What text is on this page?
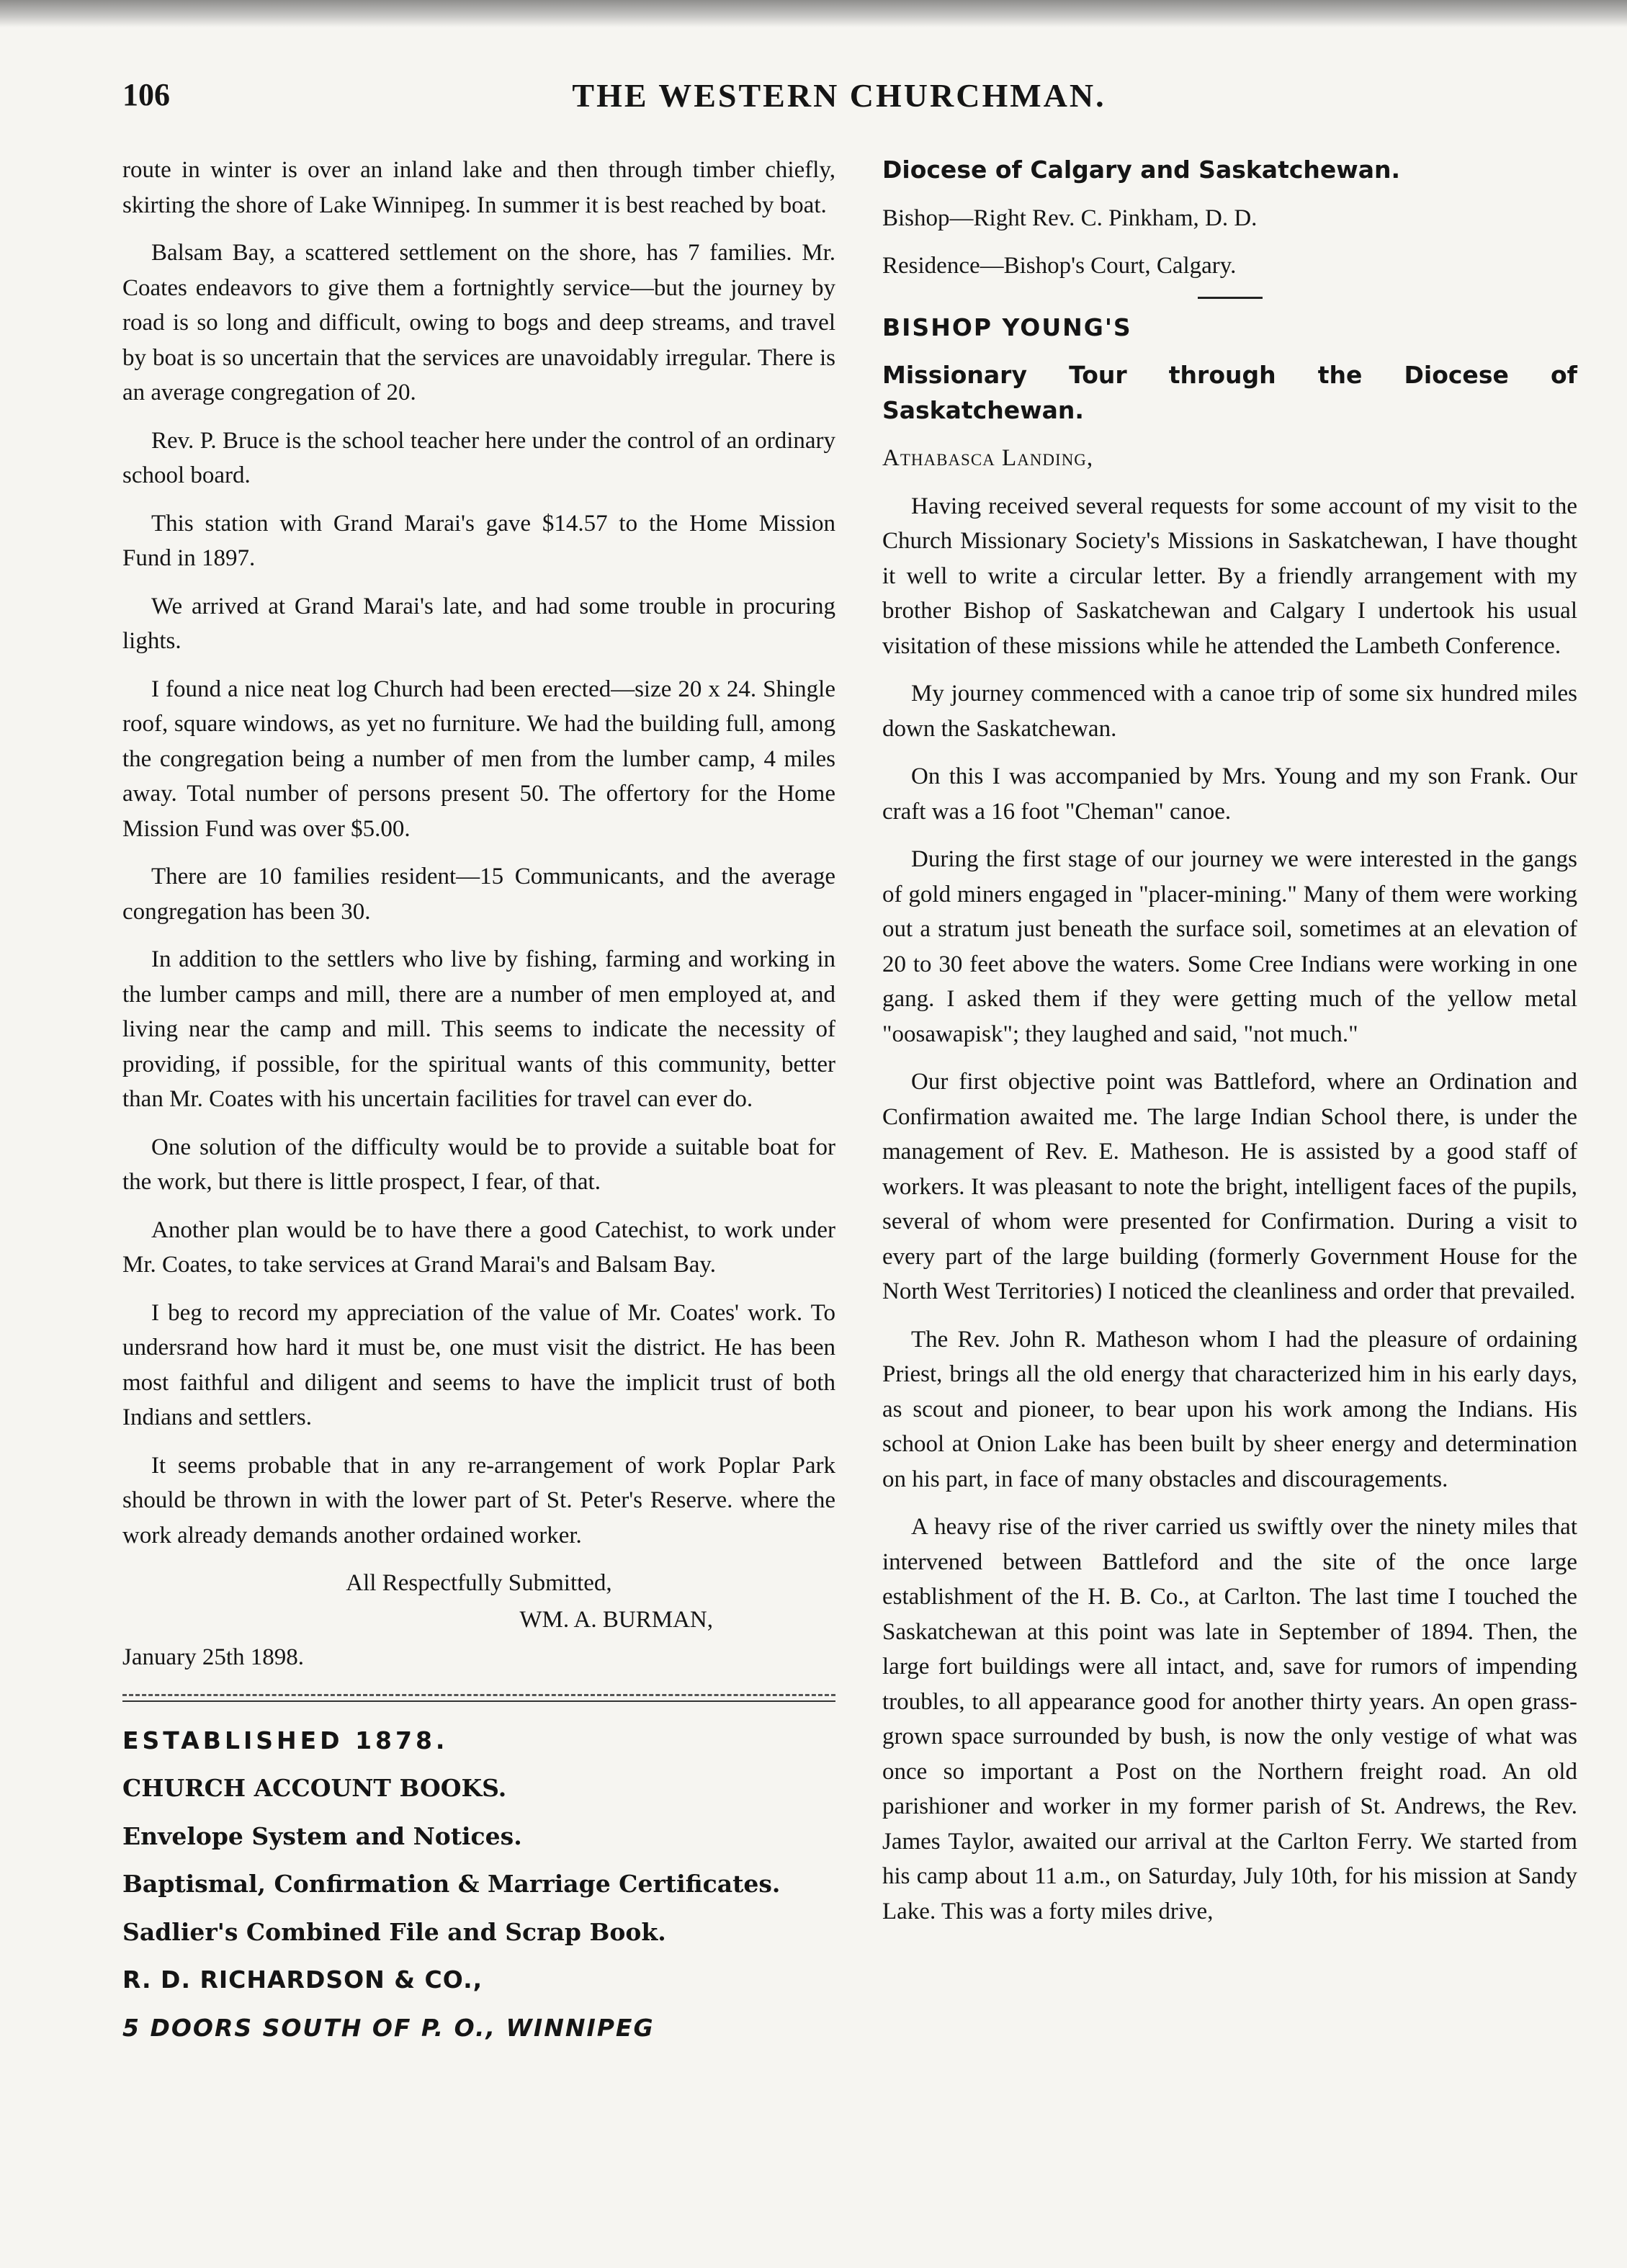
106	THE WESTERN CHURCHMAN.

route in winter is over an inland lake and then through timber chiefly, skirting the shore of Lake Winnipeg. In summer it is best reached by boat.

Balsam Bay, a scattered settlement on the shore, has 7 families. Mr. Coates endeavors to give them a fortnightly service—but the journey by road is so long and difficult, owing to bogs and deep streams, and travel by boat is so uncertain that the services are unavoidably irregular. There is an average congregation of 20.

Rev. P. Bruce is the school teacher here under the control of an ordinary school board.

This station with Grand Marai's gave $14.57 to the Home Mission Fund in 1897.

We arrived at Grand Marai's late, and had some trouble in procuring lights.

I found a nice neat log Church had been erected—size 20 x 24. Shingle roof, square windows, as yet no furniture. We had the building full, among the congregation being a number of men from the lumber camp, 4 miles away. Total number of persons present 50. The offertory for the Home Mission Fund was over $5.00.

There are 10 families resident—15 Communicants, and the average congregation has been 30.

In addition to the settlers who live by fishing, farming and working in the lumber camps and mill, there are a number of men employed at, and living near the camp and mill. This seems to indicate the necessity of providing, if possible, for the spiritual wants of this community, better than Mr. Coates with his uncertain facilities for travel can ever do.

One solution of the difficulty would be to provide a suitable boat for the work, but there is little prospect, I fear, of that.

Another plan would be to have there a good Catechist, to work under Mr. Coates, to take services at Grand Marai's and Balsam Bay.

I beg to record my appreciation of the value of Mr. Coates' work. To undersrand how hard it must be, one must visit the district. He has been most faithful and diligent and seems to have the implicit trust of both Indians and settlers.

It seems probable that in any re-arrangement of work Poplar Park should be thrown in with the lower part of St. Peter's Reserve. where the work already demands another ordained worker.

All Respectfully Submitted,

WM. A. BURMAN,

January 25th 1898.

ESTABLISHED 1878.

CHURCH ACCOUNT BOOKS.

Envelope System and Notices.

Baptismal, Confirmation & Marriage Certificates.

Sadlier's Combined File and Scrap Book.

R. D. RICHARDSON & CO.,

5 DOORS SOUTH OF P. O., WINNIPEG

Diocese of Calgary and Saskatchewan.

Bishop—Right Rev. C. Pinkham, D. D.

Residence—Bishop's Court, Calgary.

BISHOP YOUNG'S

Missionary Tour through the Diocese of Saskatchewan.

Athabasca Landing,

Having received several requests for some account of my visit to the Church Missionary Society's Missions in Saskatchewan, I have thought it well to write a circular letter. By a friendly arrangement with my brother Bishop of Saskatchewan and Calgary I undertook his usual visitation of these missions while he attended the Lambeth Conference.

My journey commenced with a canoe trip of some six hundred miles down the Saskatchewan.

On this I was accompanied by Mrs. Young and my son Frank. Our craft was a 16 foot "Cheman" canoe.

During the first stage of our journey we were interested in the gangs of gold miners engaged in "placer-mining." Many of them were working out a stratum just beneath the surface soil, sometimes at an elevation of 20 to 30 feet above the waters. Some Cree Indians were working in one gang. I asked them if they were getting much of the yellow metal "oosawapisk"; they laughed and said, "not much."

Our first objective point was Battleford, where an Ordination and Confirmation awaited me. The large Indian School there, is under the management of Rev. E. Matheson. He is assisted by a good staff of workers. It was pleasant to note the bright, intelligent faces of the pupils, several of whom were presented for Confirmation. During a visit to every part of the large building (formerly Government House for the North West Territories) I noticed the cleanliness and order that prevailed.

The Rev. John R. Matheson whom I had the pleasure of ordaining Priest, brings all the old energy that characterized him in his early days, as scout and pioneer, to bear upon his work among the Indians. His school at Onion Lake has been built by sheer energy and determination on his part, in face of many obstacles and discouragements.

A heavy rise of the river carried us swiftly over the ninety miles that intervened between Battleford and the site of the once large establishment of the H. B. Co., at Carlton. The last time I touched the Saskatchewan at this point was late in September of 1894. Then, the large fort buildings were all intact, and, save for rumors of impending troubles, to all appearance good for another thirty years. An open grass-grown space surrounded by bush, is now the only vestige of what was once so important a Post on the Northern freight road. An old parishioner and worker in my former parish of St. Andrews, the Rev. James Taylor, awaited our arrival at the Carlton Ferry. We started from his camp about 11 a.m., on Saturday, July 10th, for his mission at Sandy Lake. This was a forty miles drive,
